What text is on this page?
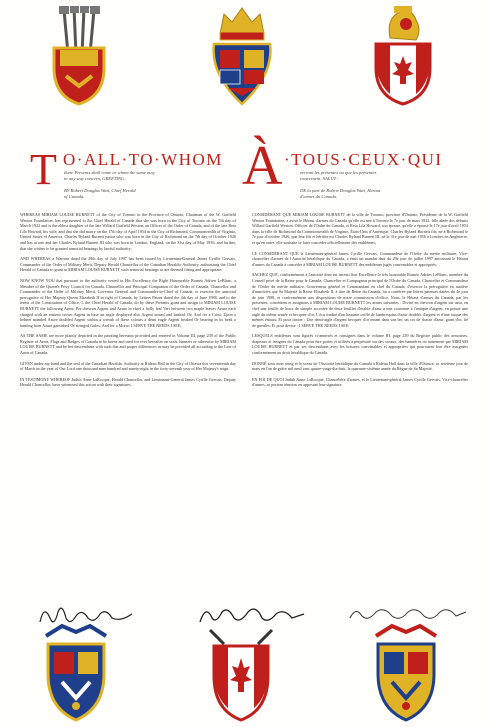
T O·ALL·TO·WHOM À ·TOUS·CEUX·QUI
these Presents shall come or whom the same may
in any way concern, GREETING:
BY Robert Douglas Watt, Chief Herald
of Canada.
verront les présentes ou que les présentes
concernent, SALUT :
DE la part de Robert Douglas Watt, Héraut
d'armes du Canada.

WHEREAS MIRIAM LOUISE BURNETT of the City of Toronto in the Province of Ontario, Chairman of the W. Garfield Weston Foundation, has represented to the Chief Herald of Canada that she was born in the City of Toronto on the 7th day of March 1922 and is the eldest daughter of the late Willard Garfield Weston, an Officer of the Order of Canada, and of the late Reta Lila Howard, his wife, and that she did marry on the 17th day of April 1954 in the City of Richmond, Commonwealth of Virginia, United States of America, Charles Byland Burnett junior who was born in the City of Richmond on the 7th day of October 1926 and has at one and her Charles Byland Burnett III who was born in London, England, on the 31st day of May 1956, and further, that she wishes to be granted armorial bearings by lawful authority;

AND WHEREAS a Warrant dated the 29th day of July 1997 has been issued by Lieutenant-General James Cyrille Gervais, Commander of the Order of Military Merit, Deputy Herald Chancellor of the Canadian Heraldic Authority, authorizing the Chief Herald of Canada to grant to MIRIAM LOUISE BURNETT such armorial bearings as are deemed fitting and appropriate;

NOW KNOW YOU that pursuant to the authority vested in His Excellency the Right Honourable Roméo Adrien LeBlanc, a Member of the Queen's Privy Council for Canada, Chancellor and Principal Companion of the Order of Canada, Chancellor and Commander of the Order of Military Merit, Governor General and Commander-in-Chief of Canada, to exercise the armorial prerogative of Her Majesty Queen Elizabeth II in right of Canada, by Letters Patent dated the 4th day of June 1988, and to the terms of the Constitution of Office, I, the Chief Herald of Canada, do by these Presents grant and assign to MIRIAM LOUISE BURNETT the following Arms: Per chevron Argent and Azure in chief a holly leaf Vert between two maple leaves Azure each charged with an eastern crown Argent in base an eagle displayed also Argent armed and beaked Or; And for a Crest: Upon a helmet mantled Azure doubled Argent within a wreath of these colours a demi eagle Argent beaked Or bearing in its beak a hunting horn Azure garnished Or stringed Gules; And for a Motto: I SERVE THE NEEDS I SEE;

AS THE SAME are more plainly depicted in the painting hereunto provided and entered in Volume III, page 239 of the Public Register of Arms, Flags and Badges of Canada to be borne and used for ever hereafter on seals, banners or otherwise by MIRIAM LOUISE BURNETT and by her descendants with such due and proper differences as may be provided all according to the Law of Arms of Canada.

GIVEN under my hand and the seal of the Canadian Heraldic Authority at Rideau Hall in the City of Ottawa this seventeenth day of March in the year of Our Lord one thousand nine hundred and ninety-eight in the forty-seventh year of Her Majesty's reign.

IN TESTIMONY WHEREOF Judith Anne LaRocque, Herald Chancellor, and Lieutenant-General James Cyrille Gervais, Deputy Herald Chancellor, have witnessed this action with their signatures.

CONSIDÉRANT QUE MIRIAM LOUISE BURNETT de la ville de Toronto, province d'Ontario, Présidente de la W. Garfield Weston Foundation, a avisé le Héraut d'armes du Canada qu'elle est née à Toronto le 7e jour de mars 1922, fille aînée des défunts Willard Garfield Weston, Officier de l'Ordre du Canada, et Reta Lila Howard, son épouse, qu'elle a épousé le 17e jour d'avril 1954 dans la ville de Richmond du Commonwealth de Virginie, États-Unis d'Amérique, Charles Byland Burnett fils, né à Richmond le 7e jour d'octobre 1926, que leur fils et héritier est Charles Byland Burnett III, né le 31e jour de mai 1956 à Londres en Angleterre, et qu'en outre, elle souhaite se faire concéder officiellement des emblèmes;

LE CONSIDÉRANT QUE le Lieutenant-général James Cyrille Gervais, Commandeur de l'Ordre du mérite militaire, Vice-chancelier d'armes de l'Autorité héraldique du Canada, a émis un mandat daté du 29e jour de juillet 1997 autorisant le Héraut d'armes du Canada à concéder à MIRIAM LOUISE BURNETT des emblèmes jugés convenables et appropriés;

SACHEZ QUE, conformément à l'autorité dont est investi Son Excellence le très honorable Roméo Adrien LeBlanc, membre du Conseil privé de la Reine pour le Canada, Chancelier et Compagnon principal de l'Ordre du Canada, Chancelier et Commandeur de l'Ordre du mérite militaire, Gouverneur général et Commandant en chef du Canada, d'exercer la prérogative en matière d'armoiries que Sa Majesté la Reine Elizabeth II, à titre de Reine du Canada, lui a conférée par lettres patentes datées du 4e jour de juin 1988, et conformément aux dispositions de notre commission d'office, Nous, le Héraut d'armes du Canada, par les présentes, concédons et assignons à MIRIAM LOUISE BURNETT les armes suivantes : Divisé en chevron d'argent sur azur, en chef une feuille de houx de sinople accostée de deux feuilles d'érable d'azur à une couronne à l'antique d'argent, en pointe une aigle du même armée et becquée d'or; L'écu timbré d'un heaume coiffé de lambrequins d'azur doublés d'argent et d'une torque des mêmes émaux; Et pour cimier : Une demi-aigle d'argent becquée d'or tenant dans son bec un cor de chasse d'azur, garni d'or, lié de gueules; Et pour devise : I SERVE THE NEEDS I SEE;

LESQUELS emblèmes sont figurés ci-annexés et consignés dans le volume III, page 239 du Registre public des armoiries, drapeaux et insignes du Canada pour être portés et utilisés à perpétuité sur des sceaux, des bannières ou autrement par MIRIAM LOUISE BURNETT et par ses descendants avec les brisures convenables et appropriées qui pourraient leur être assignées conformément au droit héraldique du Canada.

DONNÉ sous mon seing et le sceau de l'Autorité héraldique du Canada à Rideau Hall dans la ville d'Ottawa, ce seizième jour de mars en l'an de grâce mil neuf cent quatre-vingt-dix-huit, la quarante-sixième année du Règne de Sa Majesté.

EN FOI DE QUOI Judith Anne LaRocque, Chancelière d'armes, et le Lieutenant-général James Cyrille Gervais, Vice-chancelier d'armes, se portent témoins en apposant leur signature.

Judith LaRocque
Robert D. Watt	James Cyrille Gervais
